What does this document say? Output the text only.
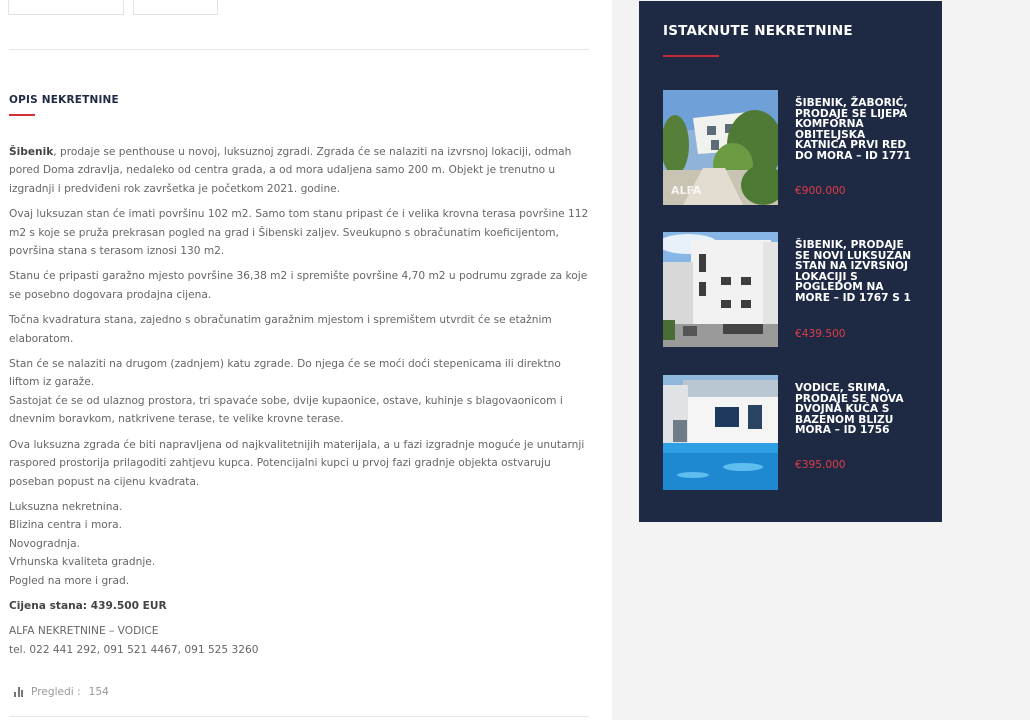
OPIS NEKRETNINE

Šibenik, prodaje se penthouse u novoj, luksuznoj zgradi. Zgrada će se nalaziti na izvrsnoj lokaciji, odmah pored Doma zdravlja, nedaleko od centra grada, a od mora udaljena samo 200 m. Objekt je trenutno u izgradnji i predviđeni rok završetka je početkom 2021. godine.

Ovaj luksuzan stan će imati površinu 102 m2. Samo tom stanu pripast će i velika krovna terasa površine 112 m2 s koje se pruža prekrasan pogled na grad i Šibenski zaljev. Sveukupno s obračunatim koeficijentom, površina stana s terasom iznosi 130 m2.

Stanu će pripasti garažno mjesto površine 36,38 m2 i spremište površine 4,70 m2 u podrumu zgrade za koje se posebno dogovara prodajna cijena.

Točna kvadratura stana, zajedno s obračunatim garažnim mjestom i spremištem utvrdit će se etažnim elaboratom.

Stan će se nalaziti na drugom (zadnjem) katu zgrade. Do njega će se moći doći stepenicama ili direktno liftom iz garaže.

Sastojat će se od ulaznog prostora, tri spavaće sobe, dvije kupaonice, ostave, kuhinje s blagovaonicom i dnevnim boravkom, natkrivene terase, te velike krovne terase.

Ova luksuzna zgrada će biti napravljena od najkvalitetnijih materijala, a u fazi izgradnje moguće je unutarnji raspored prostorija prilagoditi zahtjevu kupca. Potencijalni kupci u prvoj fazi gradnje objekta ostvaruju poseban popust na cijenu kvadrata.

Luksuzna nekretnina.
Blizina centra i mora.
Novogradnja.
Vrhunska kvaliteta gradnje.
Pogled na more i grad.

Cijena stana: 439.500 EUR

ALFA NEKRETNINE – VODICE
tel. 022 441 292, 091 521 4467, 091 525 3260

Pregledi : 154
ISTAKNUTE NEKRETNINE
ALFA
ŠIBENIK, ŽABORIĆ, PRODAJE SE LIJEPA KOMFORNA OBITELJSKA KATNICA PRVI RED DO MORA – ID 1771
€900.000
ŠIBENIK, PRODAJE SE NOVI LUKSUZAN STAN NA IZVRSNOJ LOKACIJI S POGLEDOM NA MORE – ID 1767 S 1
€439.500
VODICE, SRIMA, PRODAJE SE NOVA DVOJNA KUĆA S BAZENOM BLIZU MORA – ID 1756
€395.000
